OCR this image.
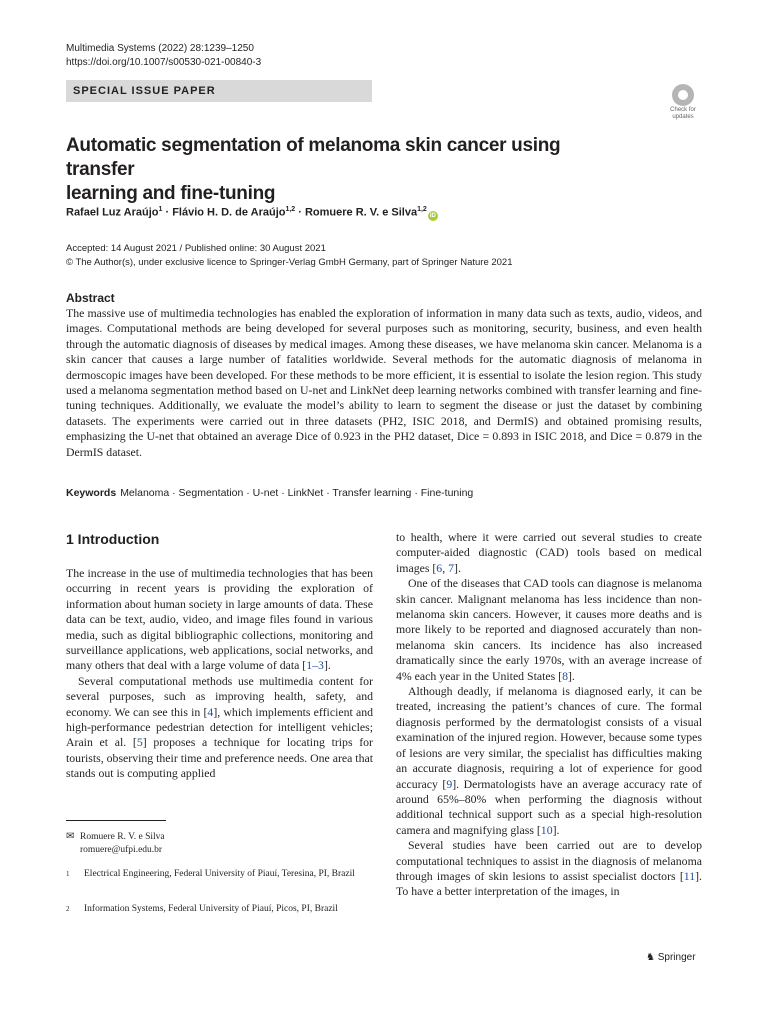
Multimedia Systems (2022) 28:1239–1250
https://doi.org/10.1007/s00530-021-00840-3
SPECIAL ISSUE PAPER
Check for
updates
Automatic segmentation of melanoma skin cancer using transfer
learning and fine-tuning
Rafael Luz Araújo$^1$ · Flávio H. D. de Araújo$^{1,2}$ · Romuere R. V. e Silva$^{1,2}$iD
Accepted: 14 August 2021 / Published online: 30 August 2021
© The Author(s), under exclusive licence to Springer-Verlag GmbH Germany, part of Springer Nature 2021
Abstract
The massive use of multimedia technologies has enabled the exploration of information in many data such as texts, audio, videos, and images. Computational methods are being developed for several purposes such as monitoring, security, business, and even health through the automatic diagnosis of diseases by medical images. Among these diseases, we have melanoma skin cancer. Melanoma is a skin cancer that causes a large number of fatalities worldwide. Several methods for the automatic diagnosis of melanoma in dermoscopic images have been developed. For these methods to be more efficient, it is essential to isolate the lesion region. This study used a melanoma segmentation method based on U-net and LinkNet deep learning networks combined with transfer learning and fine-tuning techniques. Additionally, we evaluate the model’s ability to learn to segment the disease or just the dataset by combining datasets. The experiments were carried out in three datasets (PH2, ISIC 2018, and DermIS) and obtained promising results, emphasizing the U-net that obtained an average Dice of 0.923 in the PH2 dataset, Dice = 0.893 in ISIC 2018, and Dice = 0.879 in the DermIS dataset.
Keywords Melanoma · Segmentation · U-net · LinkNet · Transfer learning · Fine-tuning
1 Introduction

The increase in the use of multimedia technologies that has been occurring in recent years is providing the exploration of information about human society in large amounts of data. These data can be text, audio, video, and image files found in various media, such as digital bibliographic collections, monitoring and surveillance applications, web applications, social networks, and many others that deal with a large volume of data [1–3].

Several computational methods use multimedia content for several purposes, such as improving health, safety, and economy. We can see this in [4], which implements efficient and high-performance pedestrian detection for intelligent vehicles; Arain et al. [5] proposes a technique for locating trips for tourists, observing their time and preference needs. One area that stands out is computing applied

to health, where it were carried out several studies to create computer-aided diagnostic (CAD) tools based on medical images [6, 7].

One of the diseases that CAD tools can diagnose is melanoma skin cancer. Malignant melanoma has less incidence than non-melanoma skin cancers. However, it causes more deaths and is more likely to be reported and diagnosed accurately than non-melanoma skin cancers. Its incidence has also increased dramatically since the early 1970s, with an average increase of 4% each year in the United States [8].

Although deadly, if melanoma is diagnosed early, it can be treated, increasing the patient’s chances of cure. The formal diagnosis performed by the dermatologist consists of a visual examination of the injured region. However, because some types of lesions are very similar, the specialist has difficulties making an accurate diagnosis, requiring a lot of experience for good accuracy [9]. Dermatologists have an average accuracy rate of around 65%–80% when performing the diagnosis without additional technical support such as a special high-resolution camera and magnifying glass [10].

Several studies have been carried out are to develop computational techniques to assist in the diagnosis of melanoma through images of skin lesions to assist specialist doctors [11]. To have a better interpretation of the images, in

✉ Romuere R. V. e Silva
romuere@ufpi.edu.br
1 Electrical Engineering, Federal University of Piauí, Teresina, PI, Brazil
2 Information Systems, Federal University of Piauí, Picos, PI, Brazil
♞ Springer
